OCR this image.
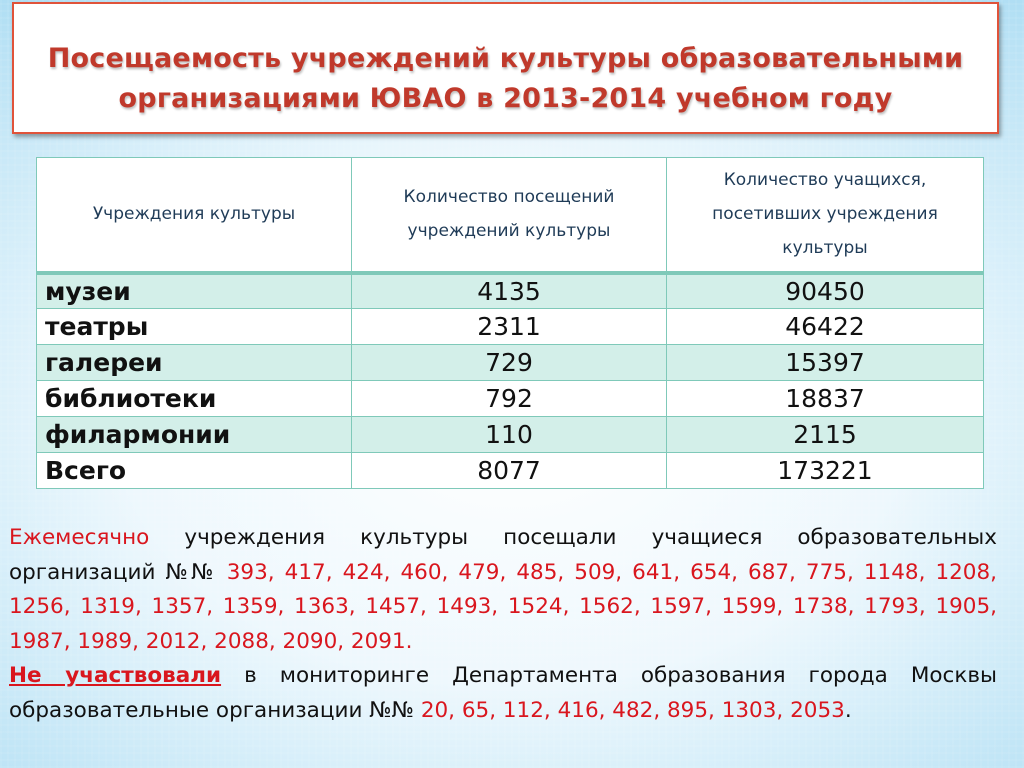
Посещаемость учреждений культуры образовательными
организациями ЮВАО в 2013-2014 учебном году
Учреждения культуры	Количество посещений учреждений культуры	Количество учащихся, посетивших учреждения культуры
музеи	4135	90450
театры	2311	46422
галереи	729	15397
библиотеки	792	18837
филармонии	110	2115
Всего	8077	173221
Ежемесячно учреждения культуры посещали учащиеся образовательных организаций №№ 393, 417, 424, 460, 479, 485, 509, 641, 654, 687, 775, 1148, 1208, 1256, 1319, 1357, 1359, 1363, 1457, 1493, 1524, 1562, 1597, 1599, 1738, 1793, 1905, 1987, 1989, 2012, 2088, 2090, 2091.
Не участвовали в мониторинге Департамента образования города Москвы образовательные организации №№ 20, 65, 112, 416, 482, 895, 1303, 2053.
